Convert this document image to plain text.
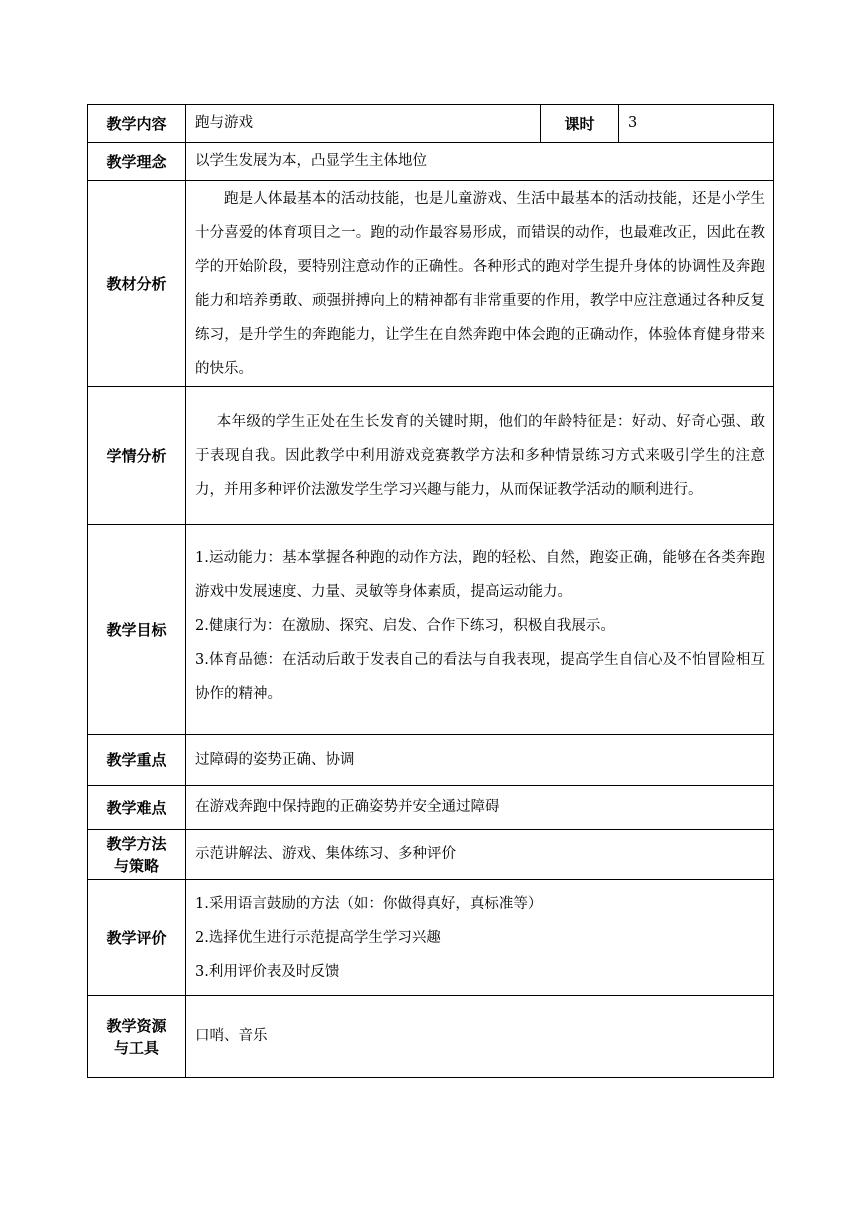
教学内容	跑与游戏	课时	3
教学理念	以学生发展为本，凸显学生主体地位		
教材分析	跑是人体最基本的活动技能，也是儿童游戏、生活中最基本的活动技能，还是小学生十分喜爱的体育项目之一。跑的动作最容易形成，而错误的动作，也最难改正，因此在教学的开始阶段，要特别注意动作的正确性。各种形式的跑对学生提升身体的协调性及奔跑能力和培养勇敢、顽强拼搏向上的精神都有非常重要的作用，教学中应注意通过各种反复练习，是升学生的奔跑能力，让学生在自然奔跑中体会跑的正确动作，体验体育健身带来的快乐。		

学情分析	本年级的学生正处在生长发育的关键时期，他们的年龄特征是：好动、好奇心强、敢于表现自我。因此教学中利用游戏竞赛教学方法和多种情景练习方式来吸引学生的注意力，并用多种评价法激发学生学习兴趣与能力，从而保证教学活动的顺利进行。		

教学目标	1.运动能力：基本掌握各种跑的动作方法，跑的轻松、自然，跑姿正确，能够在各类奔跑游戏中发展速度、力量、灵敏等身体素质，提高运动能力。
2.健康行为：在激励、探究、启发、合作下练习，积极自我展示。
3.体育品德：在活动后敢于发表自己的看法与自我表现，提高学生自信心及不怕冒险相互协作的精神。		

教学重点	过障碍的姿势正确、协调		
教学难点	在游戏奔跑中保持跑的正确姿势并安全通过障碍		

教学方法
与策略	示范讲解法、游戏、集体练习、多种评价		
教学评价	1.采用语言鼓励的方法（如：你做得真好，真标准等）
2.选择优生进行示范提高学生学习兴趣
3.利用评价表及时反馈		

教学资源
与工具	口哨、音乐		
